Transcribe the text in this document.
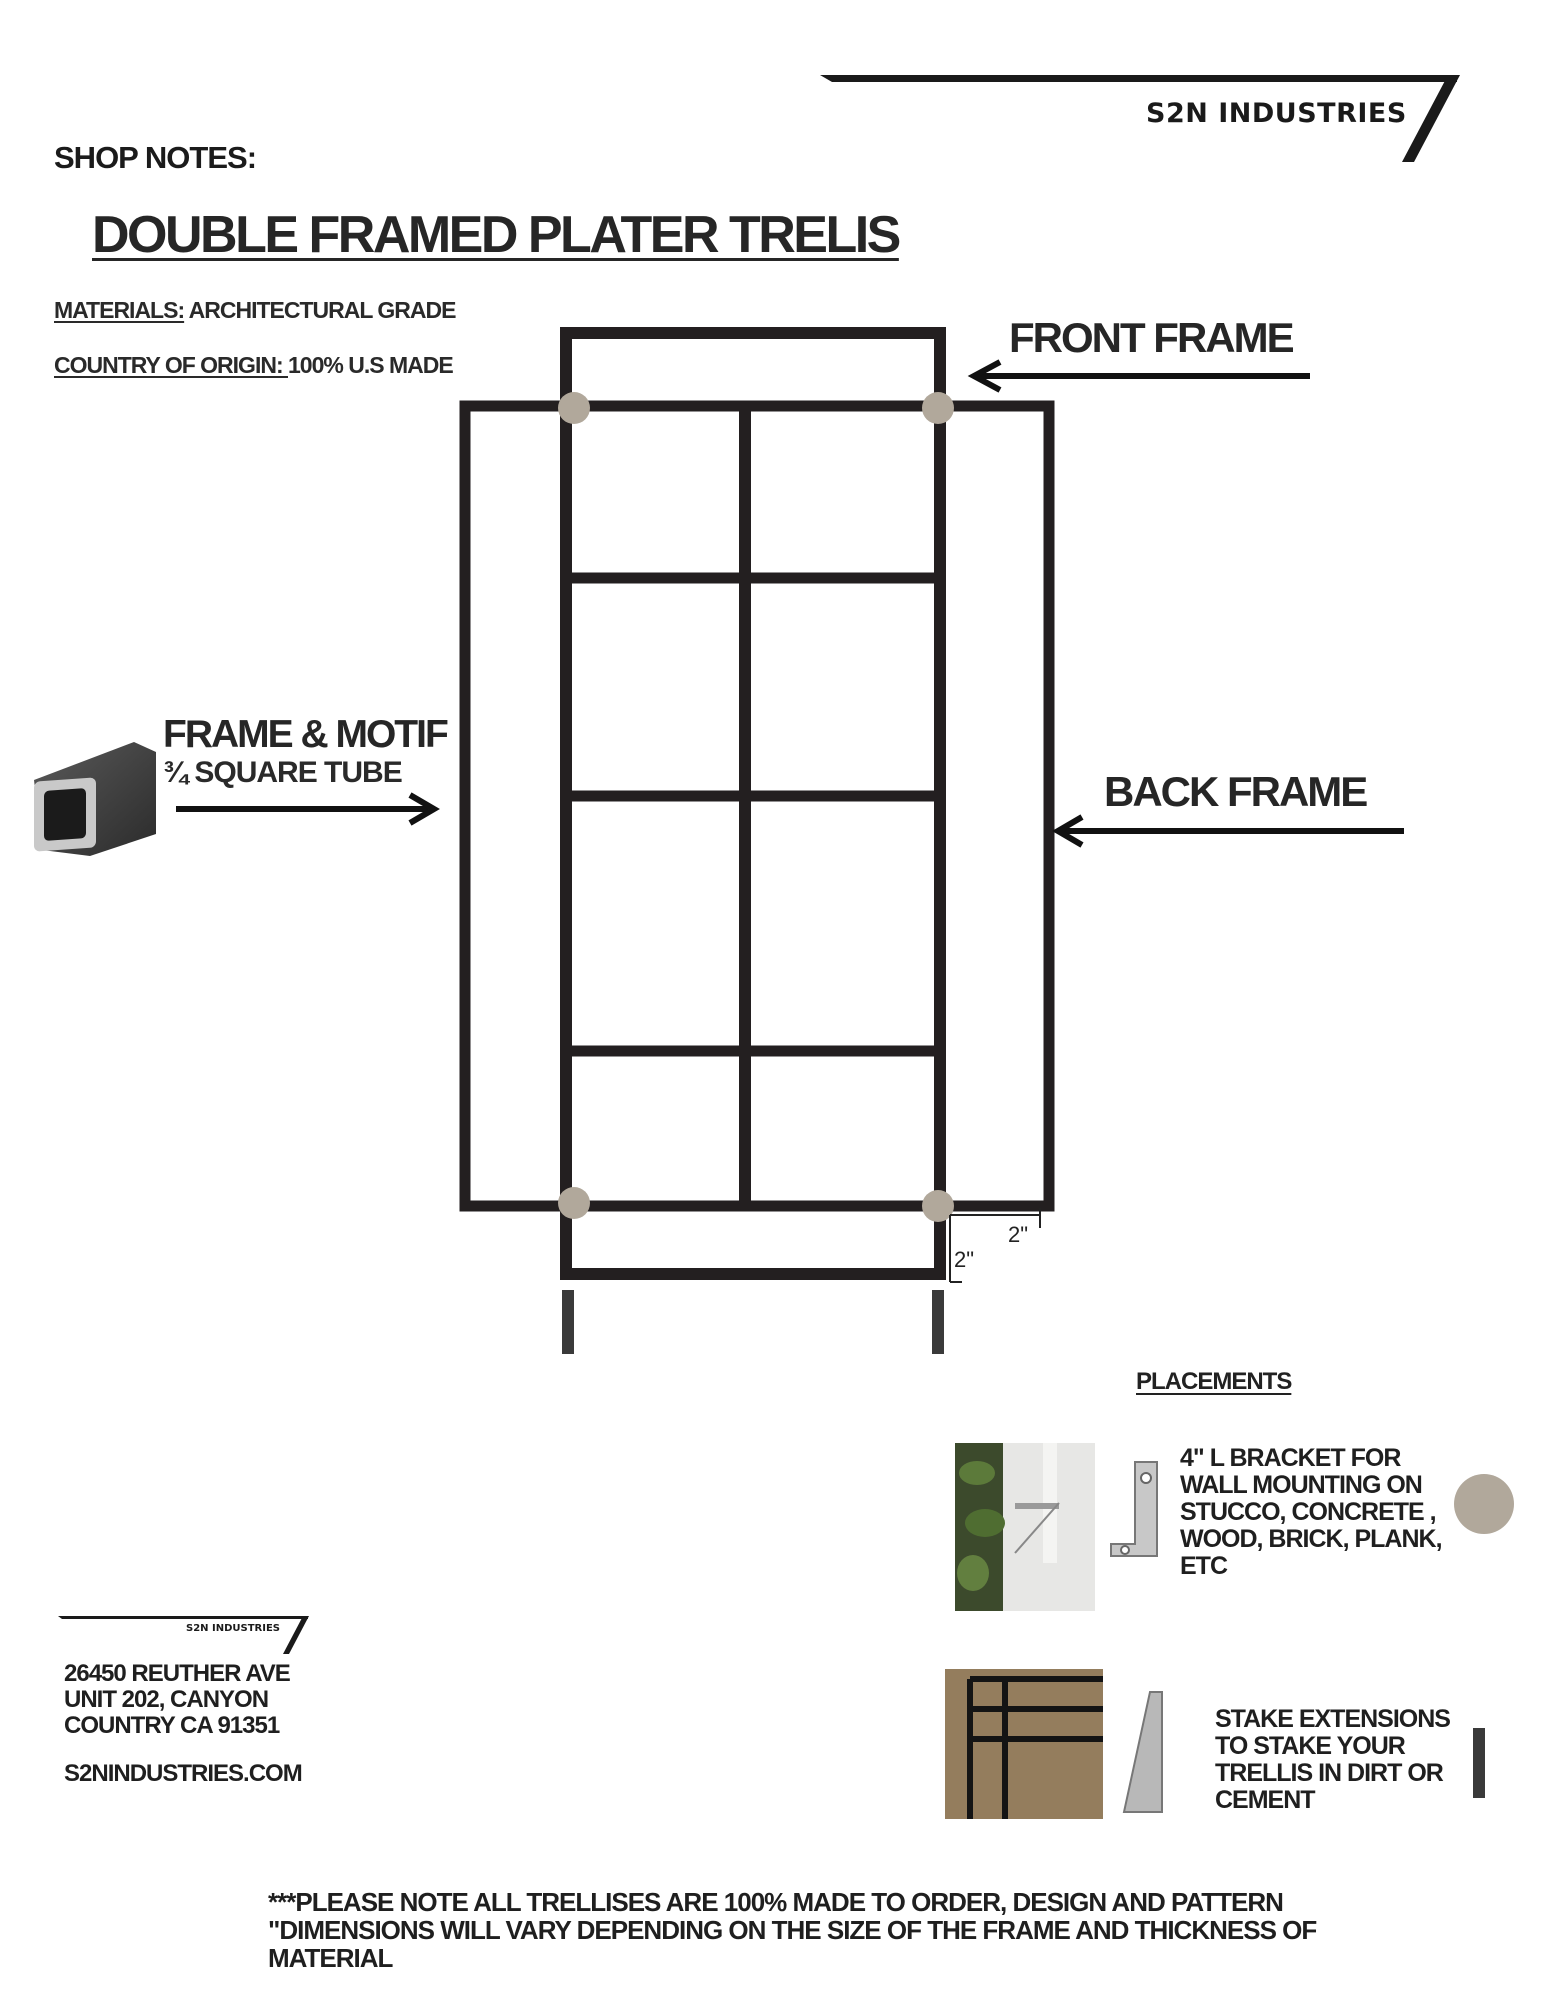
S2N INDUSTRIES
SHOP NOTES:
DOUBLE FRAMED PLATER TRELIS
MATERIALS: ARCHITECTURAL GRADE
COUNTRY OF ORIGIN: 100% U.S MADE
FRONT FRAME
BACK FRAME
FRAME & MOTIF
¾ SQUARE TUBE
2"
2"
PLACEMENTS
4" L BRACKET FOR
WALL MOUNTING ON
STUCCO, CONCRETE ,
WOOD, BRICK, PLANK,
ETC
STAKE EXTENSIONS
TO STAKE YOUR
TRELLIS IN DIRT OR
CEMENT
S2N INDUSTRIES
26450 REUTHER AVE
UNIT 202, CANYON
COUNTRY CA 91351
S2NINDUSTRIES.COM
***PLEASE NOTE ALL TRELLISES ARE 100% MADE TO ORDER, DESIGN AND PATTERN
"DIMENSIONS WILL VARY DEPENDING ON THE SIZE OF THE FRAME AND THICKNESS OF
MATERIAL
